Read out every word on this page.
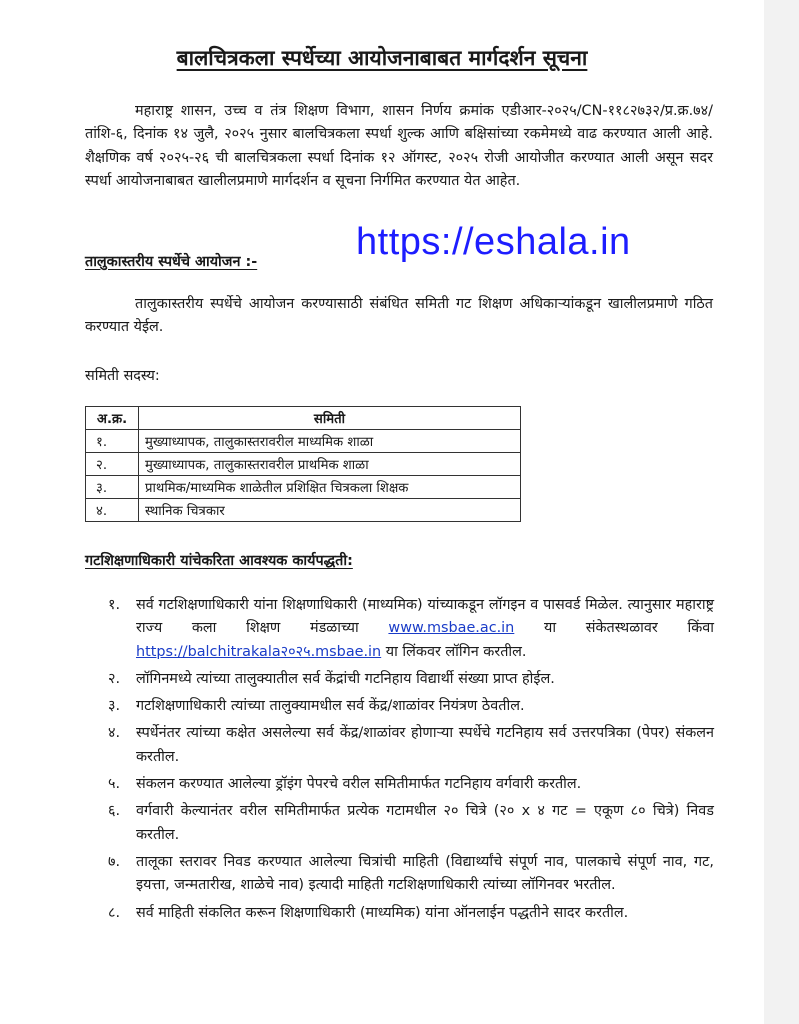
बालचित्रकला स्पर्धेच्या आयोजनाबाबत मार्गदर्शन सूचना

महाराष्ट्र शासन, उच्च व तंत्र शिक्षण विभाग, शासन निर्णय क्रमांक एडीआर-२०२५/CN-११८२७३२/प्र.क्र.७४/तांशि-६, दिनांक १४ जुलै, २०२५ नुसार बालचित्रकला स्पर्धा शुल्क आणि बक्षिसांच्या रकमेमध्ये वाढ करण्यात आली आहे. शैक्षणिक वर्ष २०२५-२६ ची बालचित्रकला स्पर्धा दिनांक १२ ऑगस्ट, २०२५ रोजी आयोजीत करण्यात आली असून सदर स्पर्धा आयोजनाबाबत खालीलप्रमाणे मार्गदर्शन व सूचना निर्गमित करण्यात येत आहेत.

https://eshala.in
तालुकास्तरीय स्पर्धेचे आयोजन :-

तालुकास्तरीय स्पर्धेचे आयोजन करण्यासाठी संबंधित समिती गट शिक्षण अधिकाऱ्यांकडून खालीलप्रमाणे गठित करण्यात येईल.

समिती सदस्य:

अ.क्र.	समिती
१.	मुख्याध्यापक, तालुकास्तरावरील माध्यमिक शाळा
२.	मुख्याध्यापक, तालुकास्तरावरील प्राथमिक शाळा
३.	प्राथमिक/माध्यमिक शाळेतील प्रशिक्षित चित्रकला शिक्षक
४.	स्थानिक चित्रकार
गटशिक्षणाधिकारी यांचेकरिता आवश्यक कार्यपद्धती:
१. सर्व गटशिक्षणाधिकारी यांना शिक्षणाधिकारी (माध्यमिक) यांच्याकडून लॉगइन व पासवर्ड मिळेल. त्यानुसार महाराष्ट्र राज्य कला शिक्षण मंडळाच्या www.msbae.ac.in या संकेतस्थळावर किंवा https://balchitrakala२०२५.msbae.in या लिंकवर लॉगिन करतील.
२. लॉगिनमध्ये त्यांच्या तालुक्यातील सर्व केंद्रांची गटनिहाय विद्यार्थी संख्या प्राप्त होईल.
३. गटशिक्षणाधिकारी त्यांच्या तालुक्यामधील सर्व केंद्र/शाळांवर नियंत्रण ठेवतील.
४. स्पर्धेनंतर त्यांच्या कक्षेत असलेल्या सर्व केंद्र/शाळांवर होणाऱ्या स्पर्धेचे गटनिहाय सर्व उत्तरपत्रिका (पेपर) संकलन करतील.
५. संकलन करण्यात आलेल्या ड्रॉइंग पेपरचे वरील समितीमार्फत गटनिहाय वर्गवारी करतील.
६. वर्गवारी केल्यानंतर वरील समितीमार्फत प्रत्येक गटामधील २० चित्रे (२० x ४ गट = एकूण ८० चित्रे) निवड करतील.
७. तालूका स्तरावर निवड करण्यात आलेल्या चित्रांची माहिती (विद्यार्थ्यांचे संपूर्ण नाव, पालकाचे संपूर्ण नाव, गट, इयत्ता, जन्मतारीख, शाळेचे नाव) इत्यादी माहिती गटशिक्षणाधिकारी त्यांच्या लॉगिनवर भरतील.
८. सर्व माहिती संकलित करून शिक्षणाधिकारी (माध्यमिक) यांना ऑनलाईन पद्धतीने सादर करतील.
